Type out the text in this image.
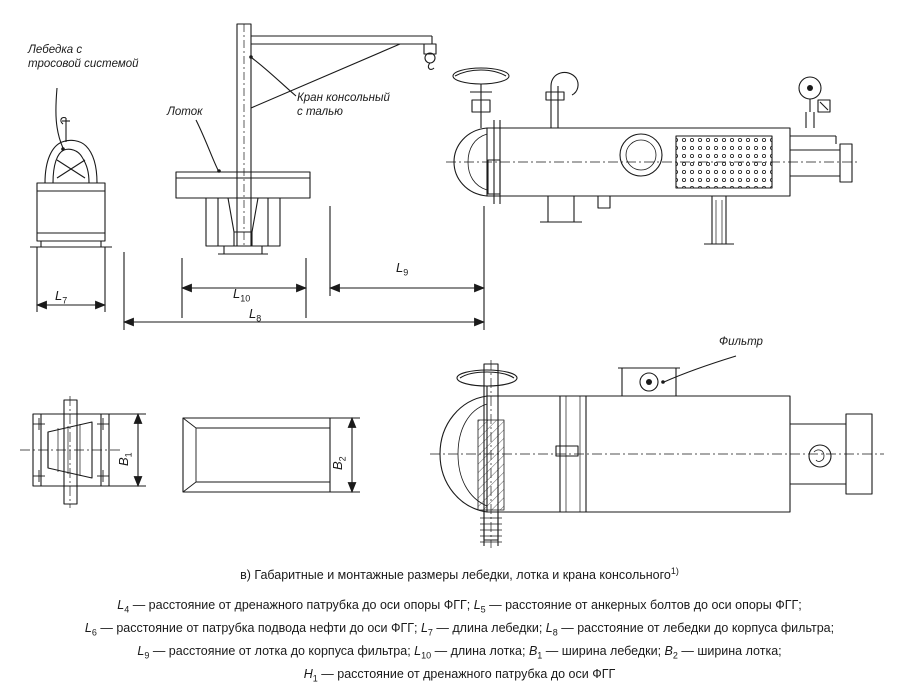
Лебедка с
тросовой системой
Лоток
Кран консольный
с талью
Фильтр
$L_7$	$L_{10}$
$L_9$
$L_8$
$B_1$
$B_2$
в) Габаритные и монтажные размеры лебедки, лотка и крана консольного$^{1)}$
$L_4$ — расстояние от дренажного патрубка до оси опоры ФГГ; $L_5$ — расстояние от анкерных болтов до оси опоры ФГГ;
$L_6$ — расстояние от патрубка подвода нефти до оси ФГГ; $L_7$ — длина лебедки; $L_8$ — расстояние от лебедки до корпуса фильтра;
$L_9$ — расстояние от лотка до корпуса фильтра; $L_{10}$ — длина лотка; $B_1$ — ширина лебедки; $B_2$ — ширина лотка;
$H_1$ — расстояние от дренажного патрубка до оси ФГГ
